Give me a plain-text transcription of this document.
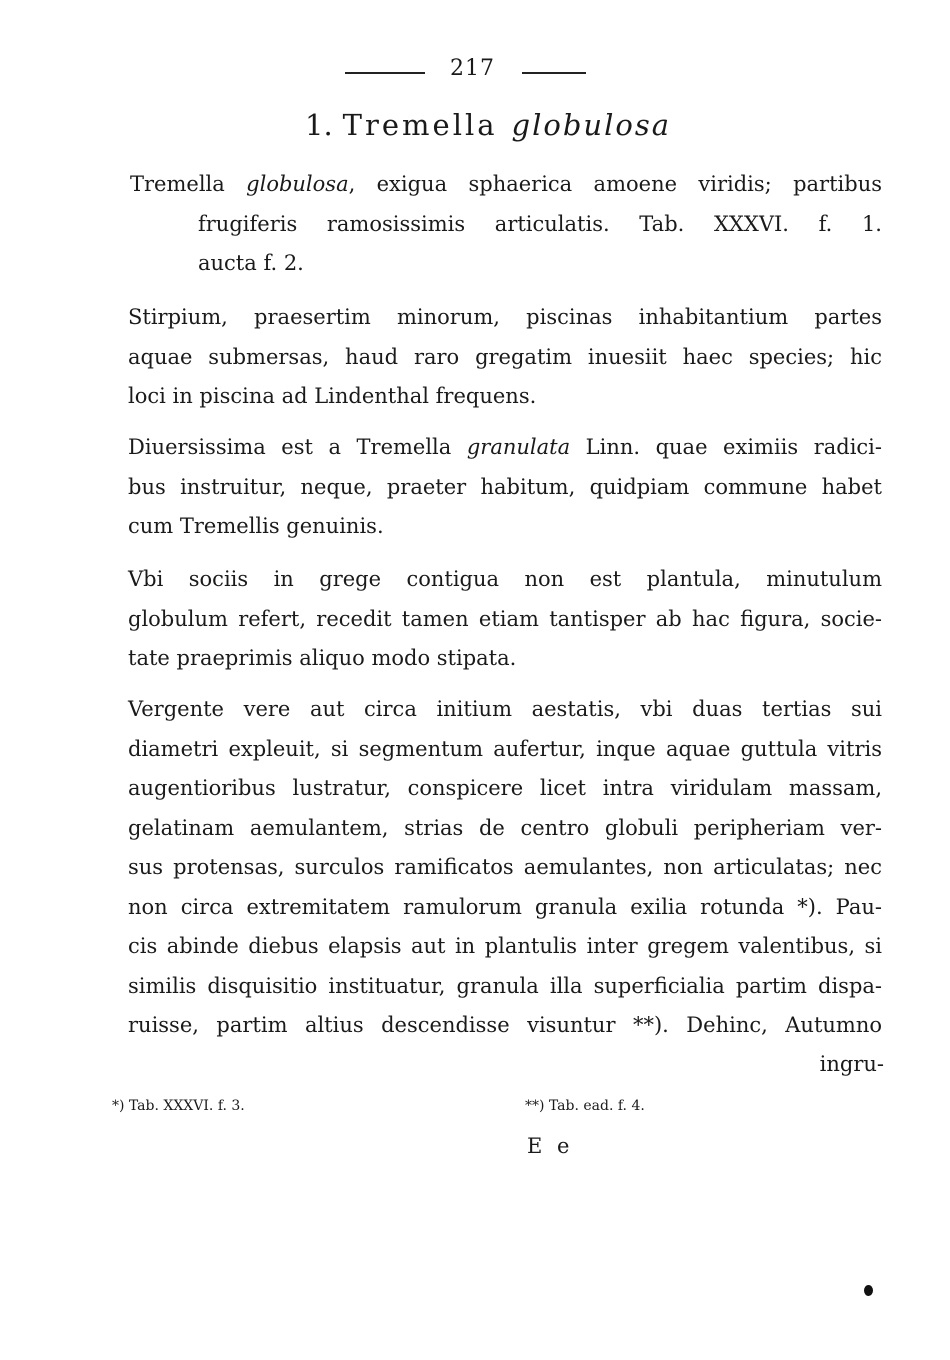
217
1. Tremella globulosa
Tremella globulosa, exigua sphaerica amoene viridis; partibus
frugiferis ramosissimis articulatis. Tab. XXXVI. f. 1.
aucta f. 2.
Stirpium, praesertim minorum, piscinas inhabitantium partes
aquae submersas, haud raro gregatim inuesiit haec species; hic
loci in piscina ad Lindenthal frequens.
Diuersissima est a Tremella granulata Linn. quae eximiis radici-
bus instruitur, neque, praeter habitum, quidpiam commune habet
cum Tremellis genuinis.
Vbi sociis in grege contigua non est plantula, minutulum
globulum refert, recedit tamen etiam tantisper ab hac figura, socie-
tate praeprimis aliquo modo stipata.
Vergente vere aut circa initium aestatis, vbi duas tertias sui
diametri expleuit, si segmentum aufertur, inque aquae guttula vitris
augentioribus lustratur, conspicere licet intra viridulam massam,
gelatinam aemulantem, strias de centro globuli peripheriam ver-
sus protensas, surculos ramificatos aemulantes, non articulatas; nec
non circa extremitatem ramulorum granula exilia rotunda *). Pau-
cis abinde diebus elapsis aut in plantulis inter gregem valentibus, si
similis disquisitio instituatur, granula illa superficialia partim dispa-
ruisse, partim altius descendisse visuntur **). Dehinc, Autumno
ingru-
*) Tab. XXXVI. f. 3.	**) Tab. ead. f. 4.
E e
